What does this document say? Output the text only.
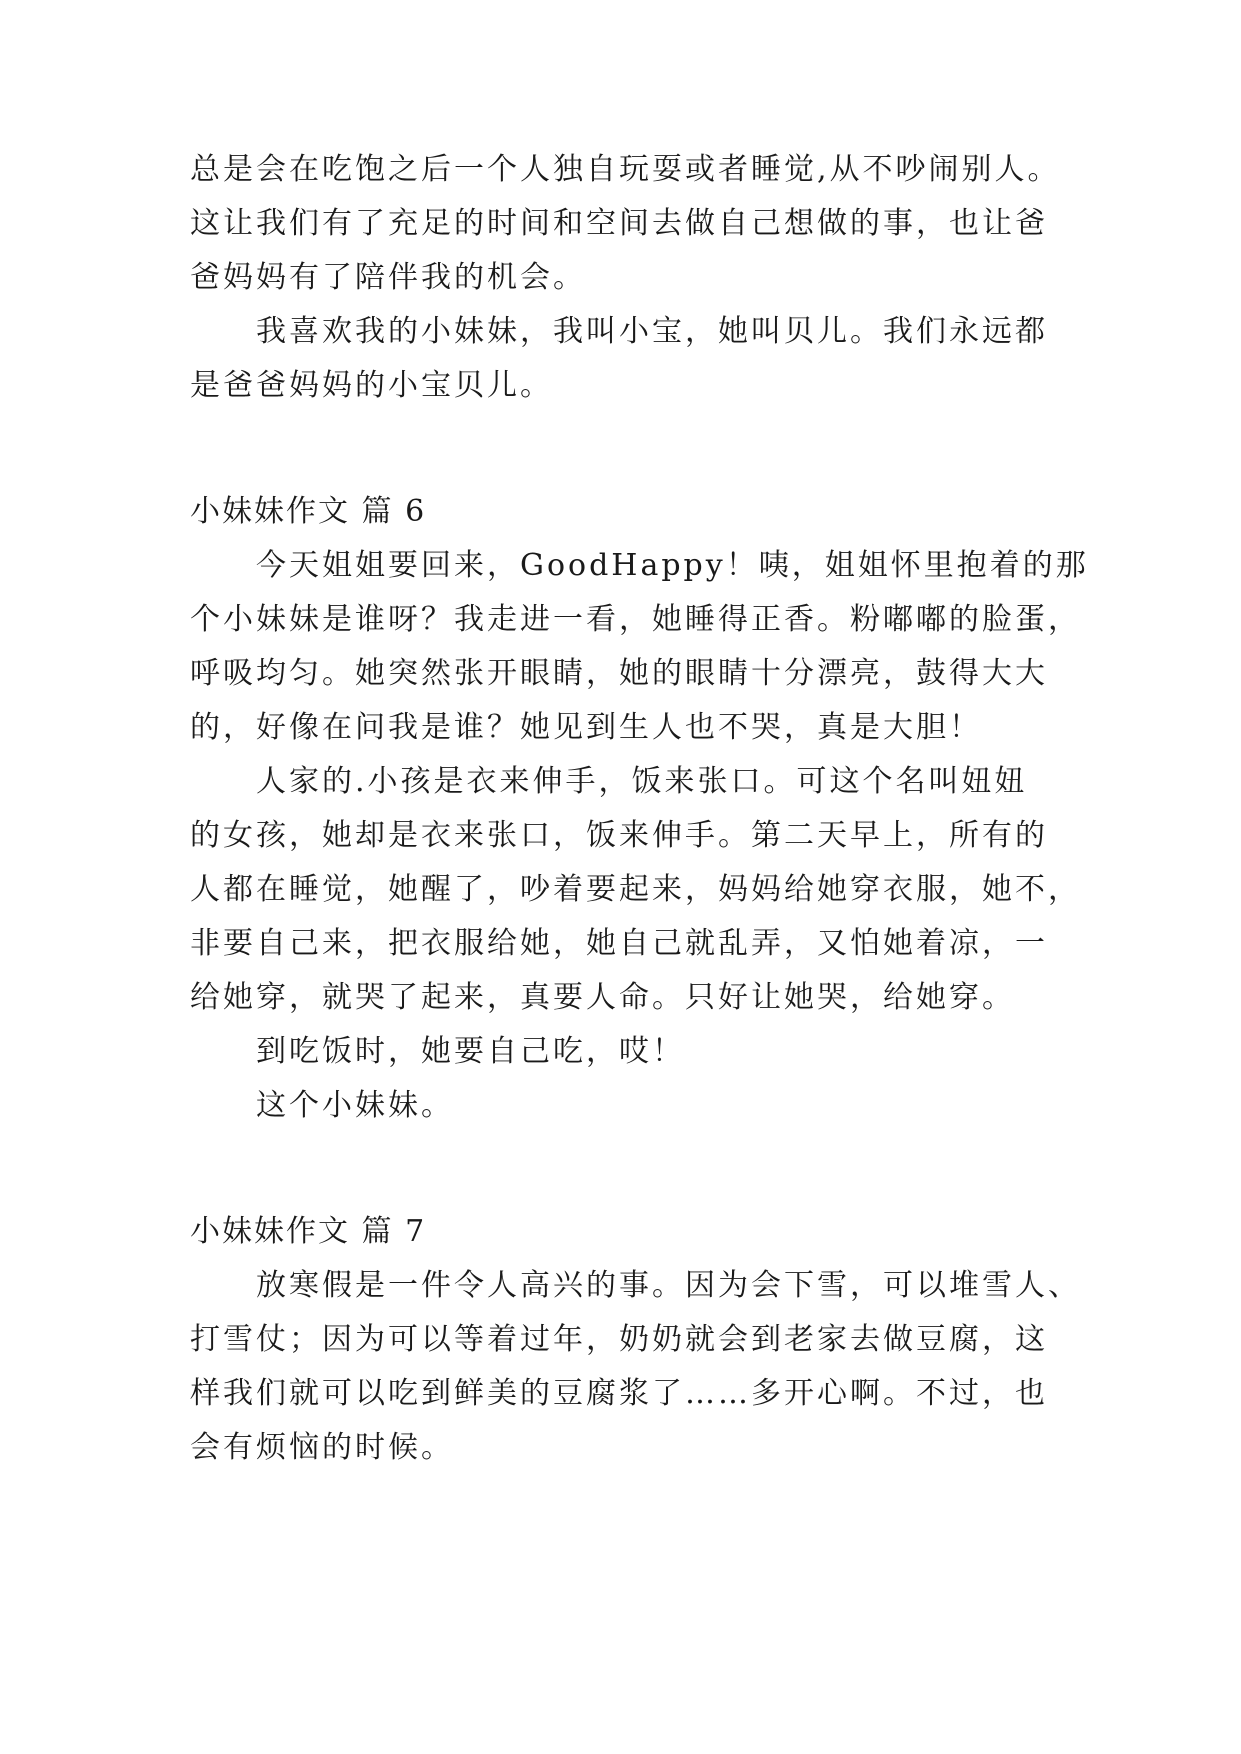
总是会在吃饱之后一个人独自玩耍或者睡觉,从不吵闹别人。
这让我们有了充足的时间和空间去做自己想做的事，也让爸
爸妈妈有了陪伴我的机会。
我喜欢我的小妹妹，我叫小宝，她叫贝儿。我们永远都
是爸爸妈妈的小宝贝儿。
小妹妹作文 篇 6
今天姐姐要回来，GoodHappy！咦，姐姐怀里抱着的那
个小妹妹是谁呀？我走进一看，她睡得正香。粉嘟嘟的脸蛋，
呼吸均匀。她突然张开眼睛，她的眼睛十分漂亮，鼓得大大
的，好像在问我是谁？她见到生人也不哭，真是大胆！
人家的.小孩是衣来伸手，饭来张口。可这个名叫妞妞
的女孩，她却是衣来张口，饭来伸手。第二天早上，所有的
人都在睡觉，她醒了，吵着要起来，妈妈给她穿衣服，她不，
非要自己来，把衣服给她，她自己就乱弄，又怕她着凉，一
给她穿，就哭了起来，真要人命。只好让她哭，给她穿。
到吃饭时，她要自己吃，哎！
这个小妹妹。
小妹妹作文 篇 7
放寒假是一件令人高兴的事。因为会下雪，可以堆雪人、
打雪仗；因为可以等着过年，奶奶就会到老家去做豆腐，这
样我们就可以吃到鲜美的豆腐浆了……多开心啊。不过，也
会有烦恼的时候。
